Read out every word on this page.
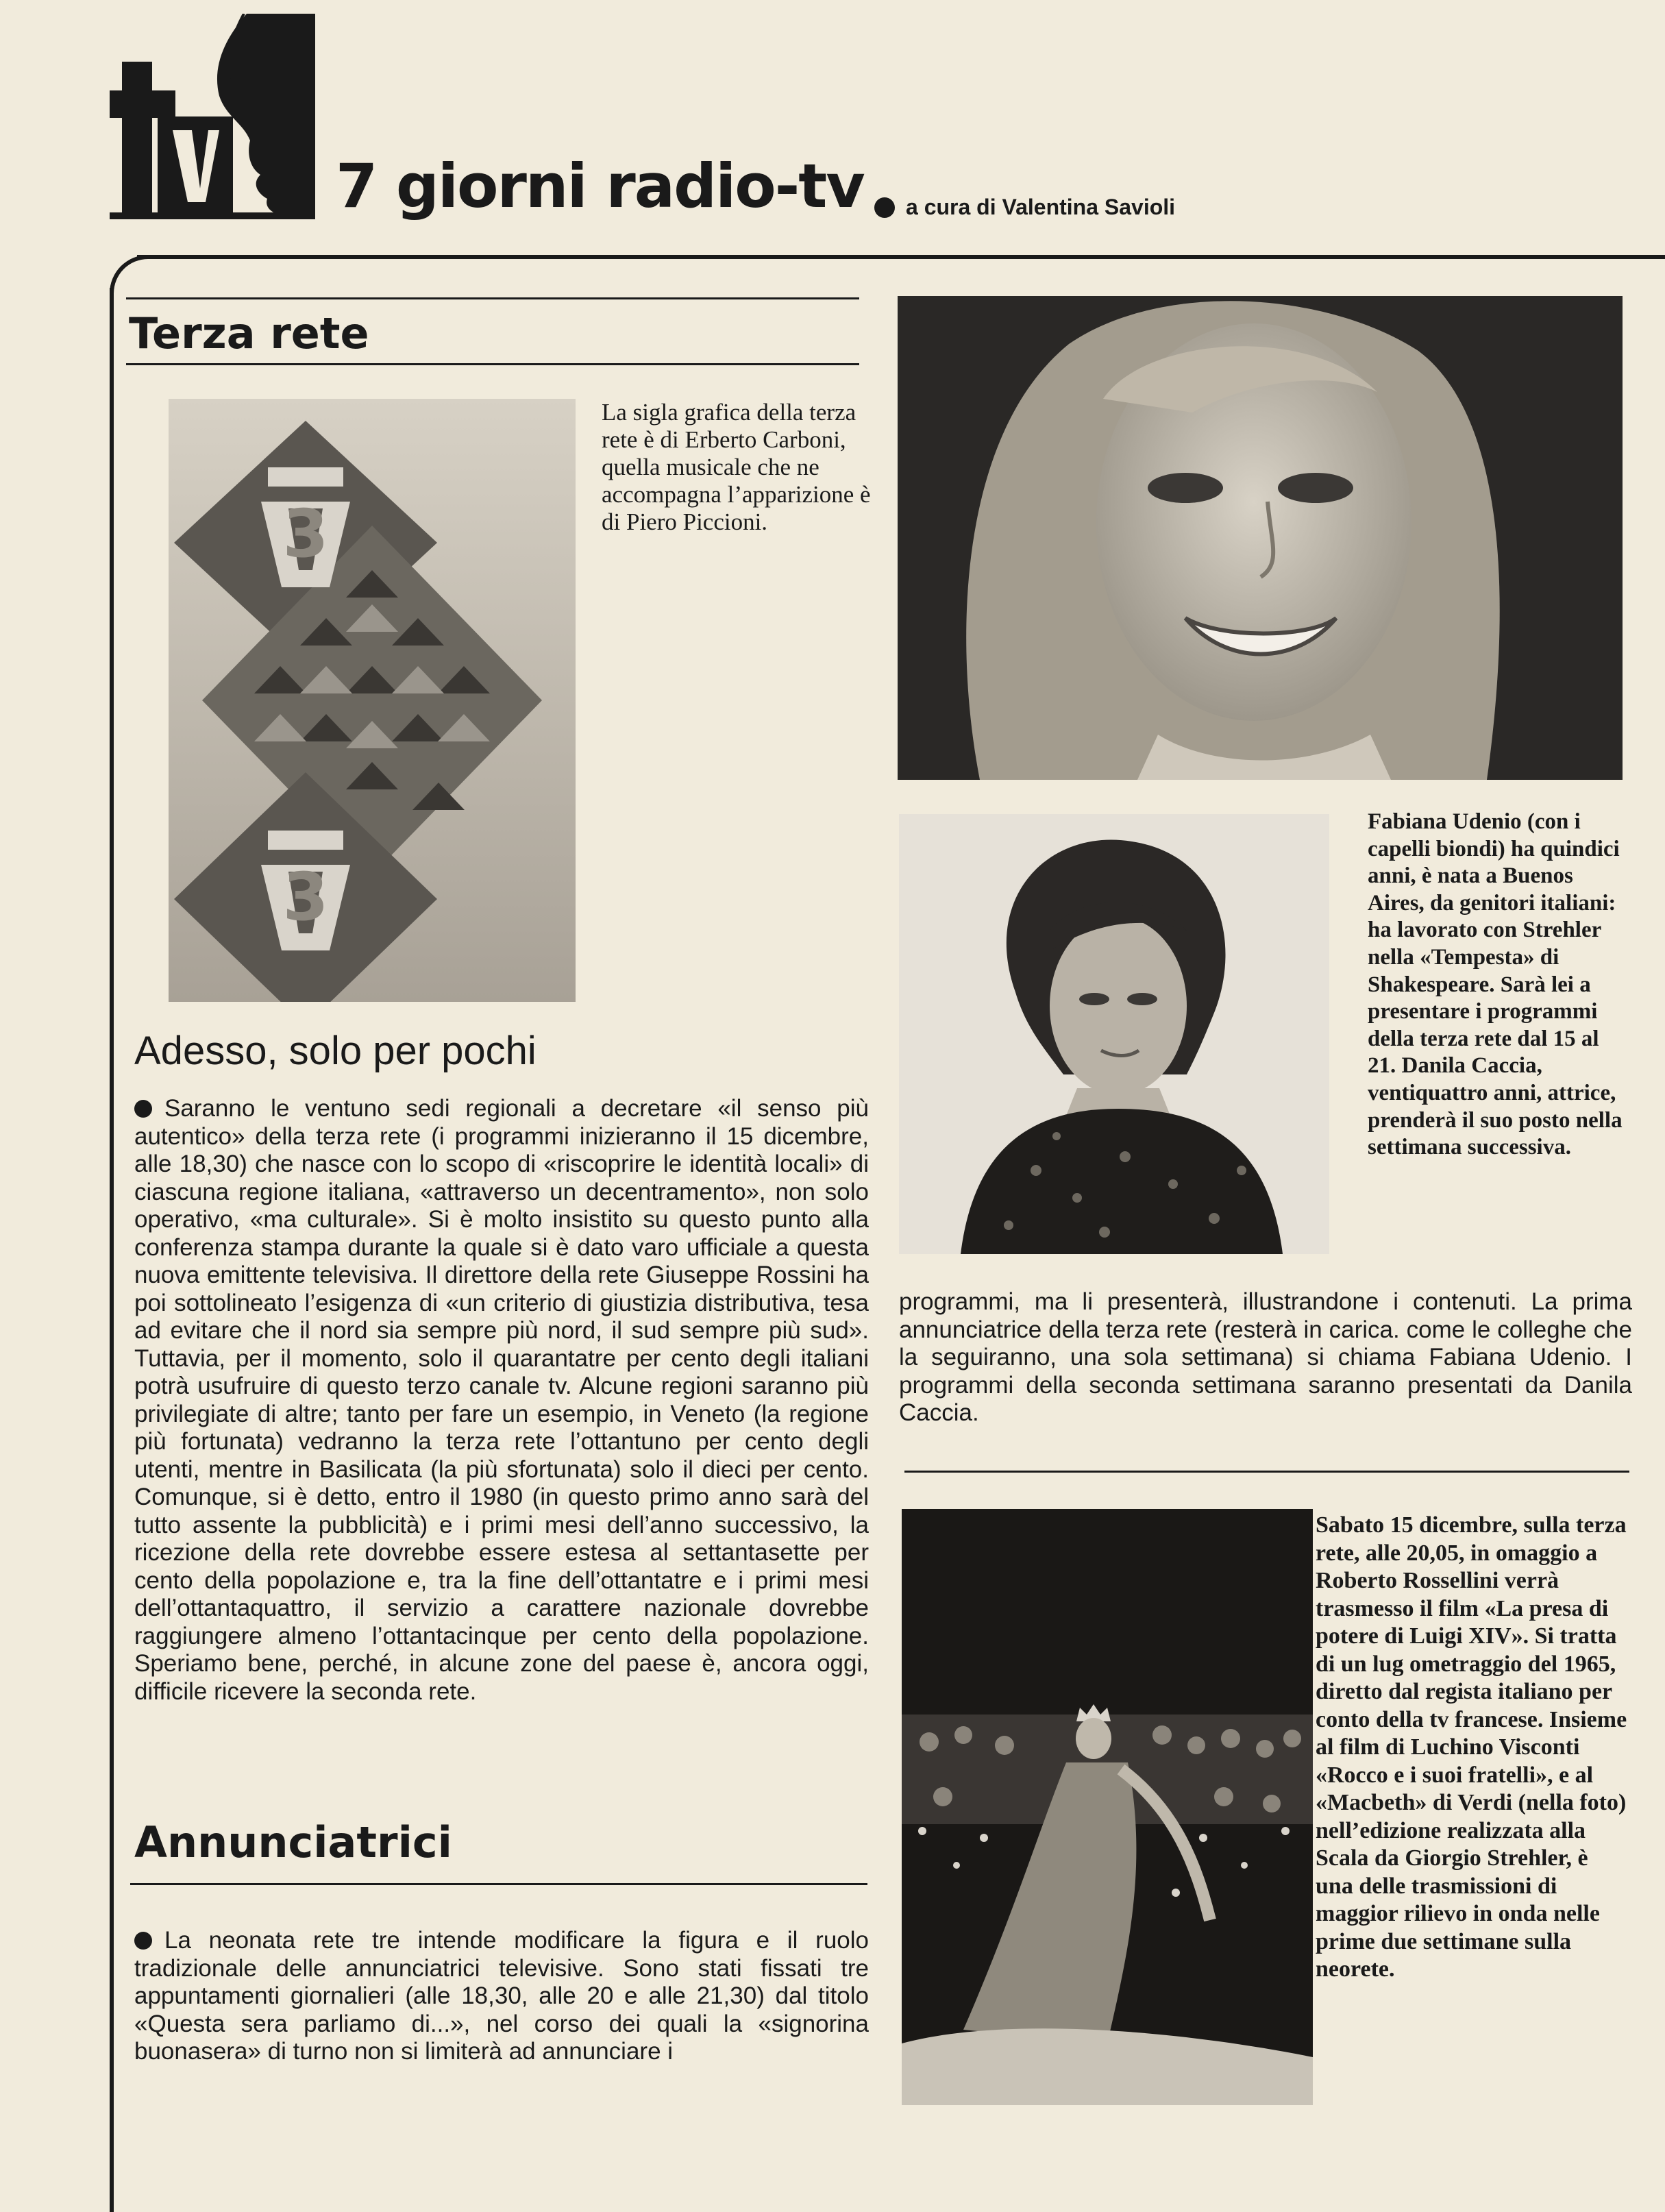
7 giorni radio-tv a cura di Valentina Savioli
Terza rete
3
3
La sigla grafica della terza rete è di Erberto Carboni, quella musicale che ne accompagna l’apparizione è di Piero Piccioni.
Adesso, solo per pochi
Saranno le ventuno sedi regionali a decretare «il senso più autentico» della terza rete (i programmi inizieranno il 15 dicembre, alle 18,30) che nasce con lo scopo di «riscoprire le identità locali» di ciascuna regione italiana, «attraverso un decentramento», non solo operativo, «ma culturale». Si è molto insistito su questo punto alla conferenza stampa durante la quale si è dato varo ufficiale a questa nuova emittente televisiva. Il direttore della rete Giuseppe Rossini ha poi sottolineato l’esigenza di «un criterio di giustizia distributiva, tesa ad evitare che il nord sia sempre più nord, il sud sempre più sud». Tuttavia, per il momento, solo il quarantatre per cento degli italiani potrà usufruire di questo terzo canale tv. Alcune regioni saranno più privilegiate di altre; tanto per fare un esempio, in Veneto (la regione più fortunata) vedranno la terza rete l’ottantuno per cento degli utenti, mentre in Basilicata (la più sfortunata) solo il dieci per cento. Comunque, si è detto, entro il 1980 (in questo primo anno sarà del tutto assente la pubblicità) e i primi mesi dell’anno successivo, la ricezione della rete dovrebbe essere estesa al settantasette per cento della popolazione e, tra la fine dell’ottantatre e i primi mesi dell’ottantaquattro, il servizio a carattere nazionale dovrebbe raggiungere almeno l’ottantacinque per cento della popolazione. Speriamo bene, perché, in alcune zone del paese è, ancora oggi, difficile ricevere la seconda rete.
Annunciatrici
La neonata rete tre intende modificare la figura e il ruolo tradizionale delle annunciatrici televisive. Sono stati fissati tre appuntamenti giornalieri (alle 18,30, alle 20 e alle 21,30) dal titolo «Questa sera parliamo di...», nel corso dei quali la «signorina buonasera» di turno non si limiterà ad annunciare i
Fabiana Udenio (con i capelli biondi) ha quindici anni, è nata a Buenos Aires, da genitori italiani: ha lavorato con Strehler nella «Tempesta» di Shakespeare. Sarà lei a presentare i programmi della terza rete dal 15 al 21. Danila Caccia, ventiquattro anni, attrice, prenderà il suo posto nella settimana successiva.
programmi, ma li presenterà, illustrandone i contenuti. La prima annunciatrice della terza rete (resterà in carica. come le colleghe che la seguiranno, una sola settimana) si chiama Fabiana Udenio. I programmi della seconda settimana saranno presentati da Danila Caccia.
Sabato 15 dicembre, sulla terza rete, alle 20,05, in omaggio a Roberto Rossellini verrà trasmesso il film «La presa di potere di Luigi XIV». Si tratta di un lug ometraggio del 1965, diretto dal regista italiano per conto della tv francese. Insieme al film di Luchino Visconti «Rocco e i suoi fratelli», e al «Macbeth» di Verdi (nella foto) nell’edizione realizzata alla Scala da Giorgio Strehler, è una delle trasmissioni di maggior rilievo in onda nelle prime due settimane sulla neorete.
